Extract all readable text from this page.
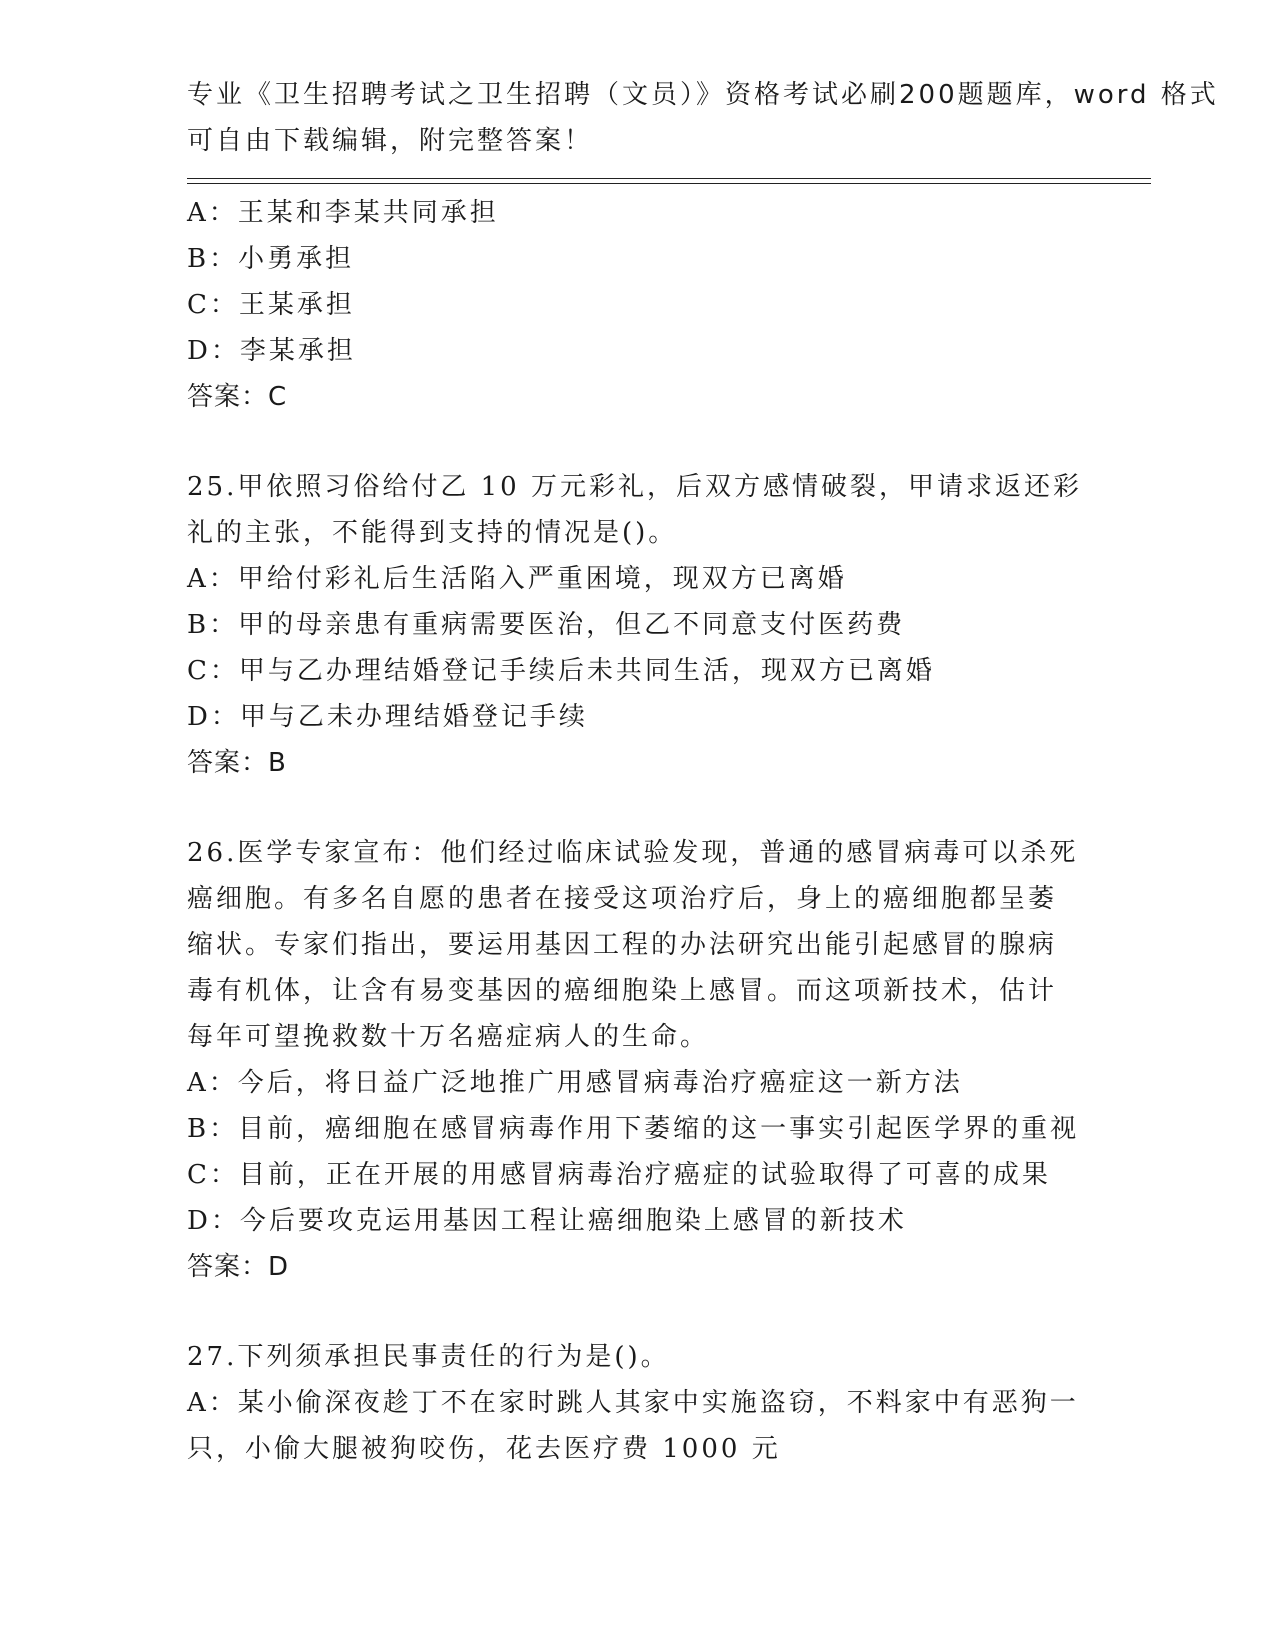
专业《卫生招聘考试之卫生招聘（文员）》资格考试必刷200题题库，word 格式
可自由下载编辑，附完整答案！
A：王某和李某共同承担
B：小勇承担
C：王某承担
D：李某承担
答案：C
25.甲依照习俗给付乙 10 万元彩礼，后双方感情破裂，甲请求返还彩
礼的主张，不能得到支持的情况是()。
A：甲给付彩礼后生活陷入严重困境，现双方已离婚
B：甲的母亲患有重病需要医治，但乙不同意支付医药费
C：甲与乙办理结婚登记手续后未共同生活，现双方已离婚
D：甲与乙未办理结婚登记手续
答案：B
26.医学专家宣布：他们经过临床试验发现，普通的感冒病毒可以杀死
癌细胞。有多名自愿的患者在接受这项治疗后，身上的癌细胞都呈萎
缩状。专家们指出，要运用基因工程的办法研究出能引起感冒的腺病
毒有机体，让含有易变基因的癌细胞染上感冒。而这项新技术，估计
每年可望挽救数十万名癌症病人的生命。
A：今后，将日益广泛地推广用感冒病毒治疗癌症这一新方法
B：目前，癌细胞在感冒病毒作用下萎缩的这一事实引起医学界的重视
C：目前，正在开展的用感冒病毒治疗癌症的试验取得了可喜的成果
D：今后要攻克运用基因工程让癌细胞染上感冒的新技术
答案：D
27.下列须承担民事责任的行为是()。
A：某小偷深夜趁丁不在家时跳人其家中实施盗窃，不料家中有恶狗一
只，小偷大腿被狗咬伤，花去医疗费 1000 元
